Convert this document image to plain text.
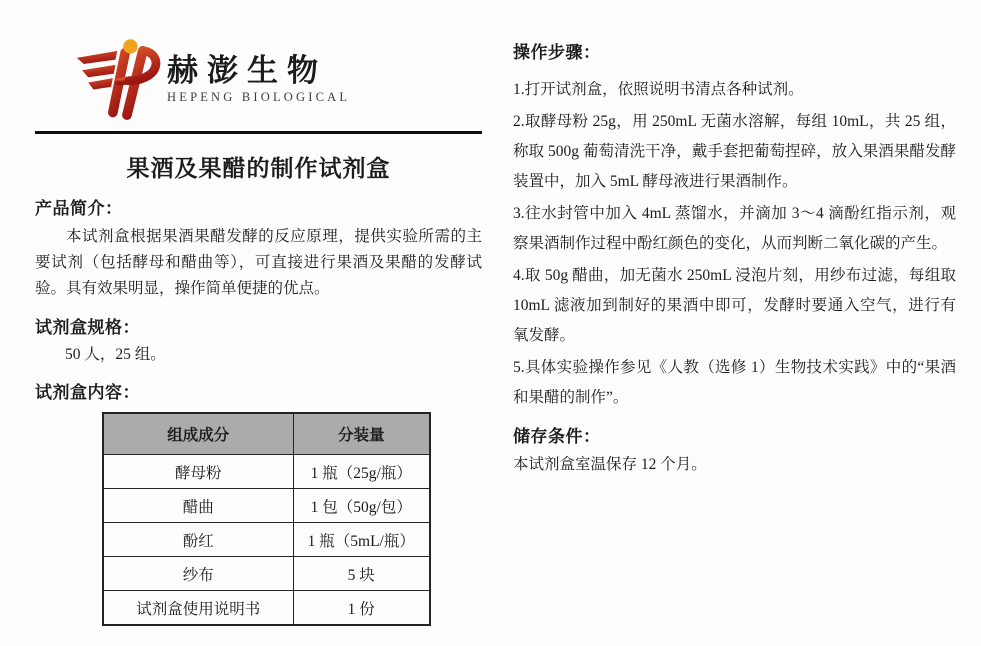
赫澎生物
HEPENG BIOLOGICAL
果酒及果醋的制作试剂盒
产品简介：
本试剂盒根据果酒果醋发酵的反应原理，提供实验所需的主要试剂（包括酵母和醋曲等），可直接进行果酒及果醋的发酵试验。具有效果明显，操作简单便捷的优点。
试剂盒规格：
50 人，25 组。
试剂盒内容：
组成成分	分装量
酵母粉	1 瓶（25g/瓶）
醋曲	1 包（50g/包）
酚红	1 瓶（5mL/瓶）
纱布	5 块
试剂盒使用说明书	1 份
操作步骤：

1.打开试剂盒，依照说明书清点各种试剂。

2.取酵母粉 25g，用 250mL 无菌水溶解，每组 10mL，共 25 组，称取 500g 葡萄清洗干净，戴手套把葡萄捏碎，放入果酒果醋发酵装置中，加入 5mL 酵母液进行果酒制作。

3.往水封管中加入 4mL 蒸馏水，并滴加 3～4 滴酚红指示剂，观察果酒制作过程中酚红颜色的变化，从而判断二氧化碳的产生。

4.取 50g 醋曲，加无菌水 250mL 浸泡片刻，用纱布过滤，每组取 10mL 滤液加到制好的果酒中即可，发酵时要通入空气，进行有氧发酵。

5.具体实验操作参见《人教（选修 1）生物技术实践》中的“果酒和果醋的制作”。

储存条件：
本试剂盒室温保存 12 个月。
